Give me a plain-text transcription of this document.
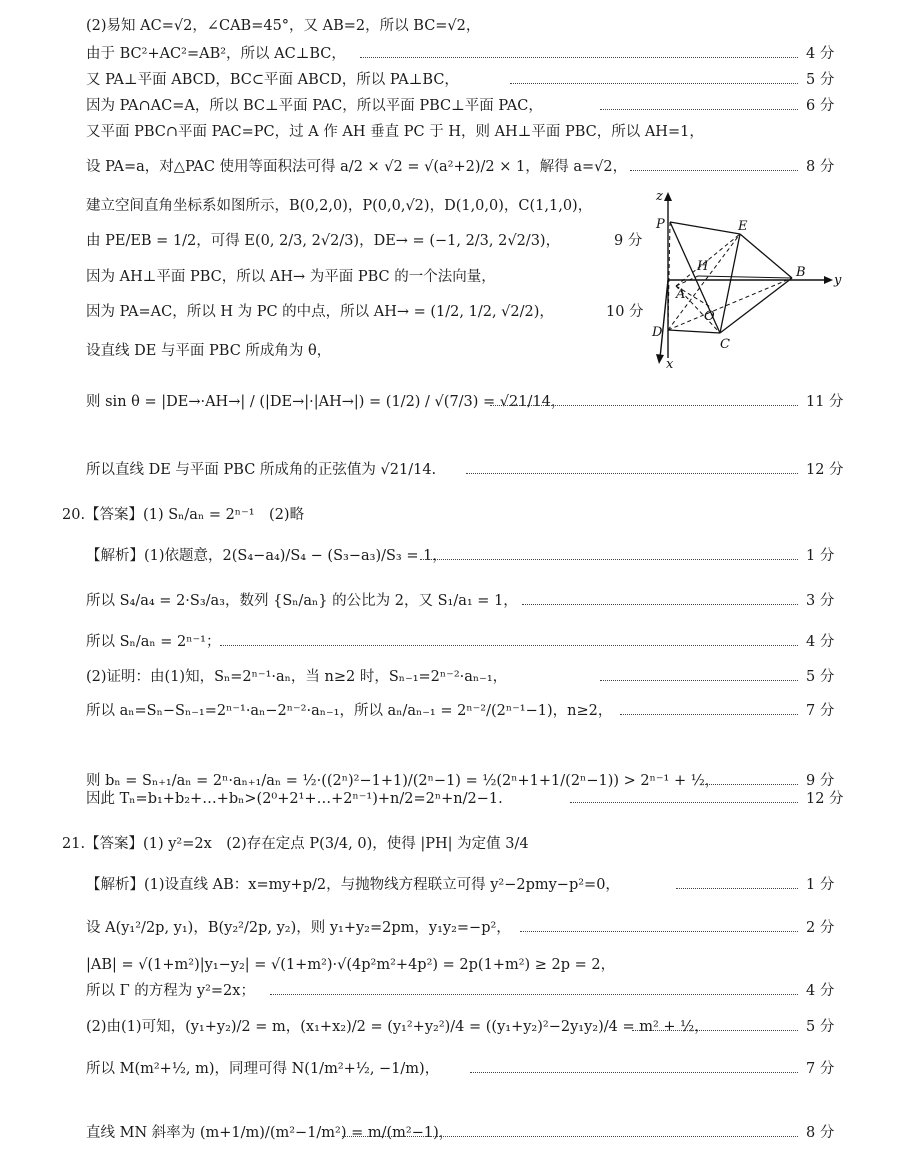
(2)易知 AC=√2，∠CAB=45°，又 AB=2，所以 BC=√2，
由于 BC²+AC²=AB²，所以 AC⊥BC，	4 分
又 PA⊥平面 ABCD，BC⊂平面 ABCD，所以 PA⊥BC，	5 分
因为 PA∩AC=A，所以 BC⊥平面 PAC，所以平面 PBC⊥平面 PAC，	6 分
又平面 PBC∩平面 PAC=PC，过 A 作 AH 垂直 PC 于 H，则 AH⊥平面 PBC，所以 AH=1，
设 PA=a，对△PAC 使用等面积法可得 a/2 × √2 = √(a²+2)/2 × 1，解得 a=√2，	8 分
建立空间直角坐标系如图所示，B(0,2,0)，P(0,0,√2)，D(1,0,0)，C(1,1,0)，
由 PE/EB = 1/2，可得 E(0, 2/3, 2√2/3)，DE→ = (−1, 2/3, 2√2/3)，	9 分
因为 AH⊥平面 PBC，所以 AH→ 为平面 PBC 的一个法向量，
因为 PA=AC，所以 H 为 PC 的中点，所以 AH→ = (1/2, 1/2, √2/2)，	10 分
设直线 DE 与平面 PBC 所成角为 θ，
则 sin θ = |DE→·AH→| / (|DE→|·|AH→|) = (1/2) / √(7/3) = √21/14，	11 分
所以直线 DE 与平面 PBC 所成角的正弦值为 √21/14.	12 分
20.【答案】(1) Sₙ/aₙ = 2ⁿ⁻¹　(2)略
【解析】(1)依题意，2(S₄−a₄)/S₄ − (S₃−a₃)/S₃ = 1，	1 分
所以 S₄/a₄ = 2·S₃/a₃，数列 {Sₙ/aₙ} 的公比为 2，又 S₁/a₁ = 1，	3 分
所以 Sₙ/aₙ = 2ⁿ⁻¹；	4 分
(2)证明：由(1)知，Sₙ=2ⁿ⁻¹·aₙ，当 n≥2 时，Sₙ₋₁=2ⁿ⁻²·aₙ₋₁，	5 分
所以 aₙ=Sₙ−Sₙ₋₁=2ⁿ⁻¹·aₙ−2ⁿ⁻²·aₙ₋₁，所以 aₙ/aₙ₋₁ = 2ⁿ⁻²/(2ⁿ⁻¹−1)，n≥2，	7 分
则 bₙ = Sₙ₊₁/aₙ = 2ⁿ·aₙ₊₁/aₙ = ½·((2ⁿ)²−1+1)/(2ⁿ−1) = ½(2ⁿ+1+1/(2ⁿ−1)) > 2ⁿ⁻¹ + ½，	9 分
因此 Tₙ=b₁+b₂+…+bₙ>(2⁰+2¹+…+2ⁿ⁻¹)+n/2=2ⁿ+n/2−1.	12 分
21.【答案】(1) y²=2x　(2)存在定点 P(3/4, 0)，使得 |PH| 为定值 3/4
【解析】(1)设直线 AB：x=my+p/2，与抛物线方程联立可得 y²−2pmy−p²=0，	1 分
设 A(y₁²/2p, y₁)，B(y₂²/2p, y₂)，则 y₁+y₂=2pm，y₁y₂=−p²，	2 分
|AB| = √(1+m²)|y₁−y₂| = √(1+m²)·√(4p²m²+4p²) = 2p(1+m²) ≥ 2p = 2，
所以 Γ 的方程为 y²=2x；	4 分
(2)由(1)可知，(y₁+y₂)/2 = m，(x₁+x₂)/2 = (y₁²+y₂²)/4 = ((y₁+y₂)²−2y₁y₂)/4 = m² + ½，	5 分
所以 M(m²+½, m)，同理可得 N(1/m²+½, −1/m)，	7 分
直线 MN 斜率为 (m+1/m)/(m²−1/m²) = m/(m²−1)，	8 分
z
y
x
P	E
H
A
B
D
O
C
